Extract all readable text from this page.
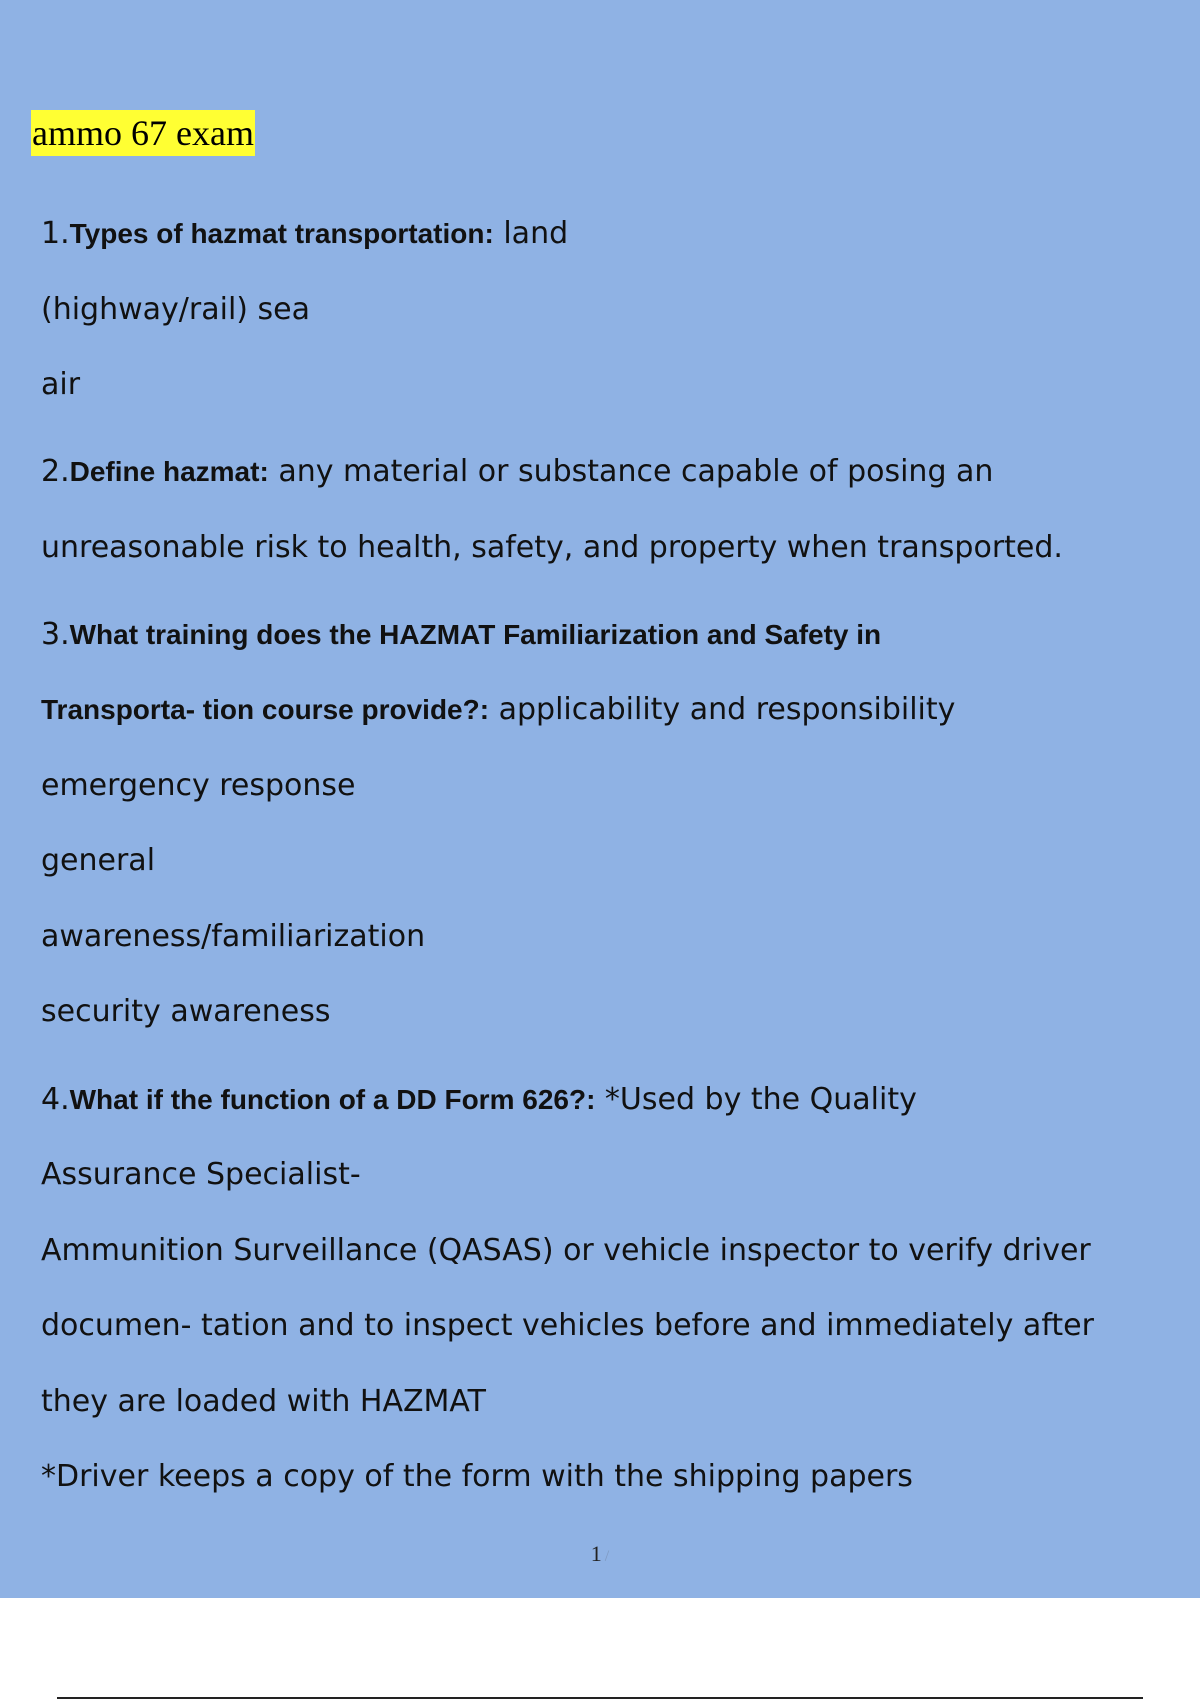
ammo 67 exam
1.Types of hazmat transportation: land
(highway/rail) sea
air
2.Define hazmat: any material or substance capable of posing an
unreasonable risk to health, safety, and property when transported.
3.What training does the HAZMAT Familiarization and Safety in
Transporta- tion course provide?: applicability and responsibility
emergency response
general
awareness/familiarization
security awareness
4.What if the function of a DD Form 626?: *Used by the Quality
Assurance Specialist-
Ammunition Surveillance (QASAS) or vehicle inspector to verify driver
documen- tation and to inspect vehicles before and immediately after
they are loaded with HAZMAT
*Driver keeps a copy of the form with the shipping papers
1 /
